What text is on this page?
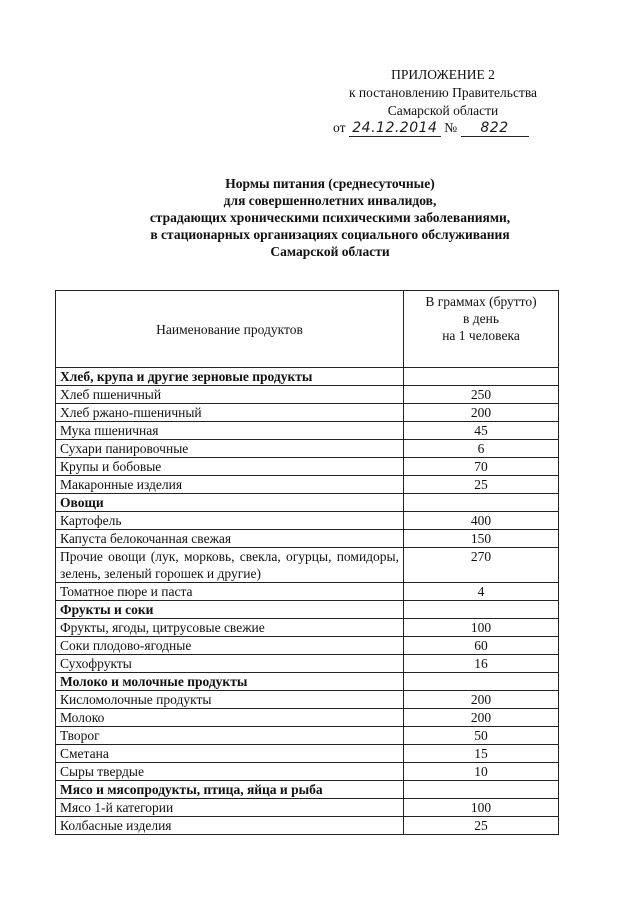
ПРИЛОЖЕНИЕ 2
к постановлению Правительства
Самарской области
от 24.12.2014 № 822
Нормы питания (среднесуточные)
для совершеннолетних инвалидов,
страдающих хроническими психическими заболеваниями,
в стационарных организациях социального обслуживания
Самарской области
Наименование продуктов	В граммах (брутто)
в день
на 1 человека

Хлеб, крупа и другие зерновые продукты	
Хлеб пшеничный	250
Хлеб ржано-пшеничный	200
Мука пшеничная	45
Сухари панировочные	6
Крупы и бобовые	70
Макаронные изделия	25
Овощи	
Картофель	400
Капуста белокочанная свежая	150
Прочие овощи (лук, морковь, свекла, огурцы, помидоры, зелень, зеленый горошек и другие)	270
Томатное пюре и паста	4
Фрукты и соки	
Фрукты, ягоды, цитрусовые свежие	100
Соки плодово-ягодные	60
Сухофрукты	16
Молоко и молочные продукты	
Кисломолочные продукты	200
Молоко	200
Творог	50
Сметана	15
Сыры твердые	10
Мясо и мясопродукты, птица, яйца и рыба	
Мясо 1-й категории	100
Колбасные изделия	25
